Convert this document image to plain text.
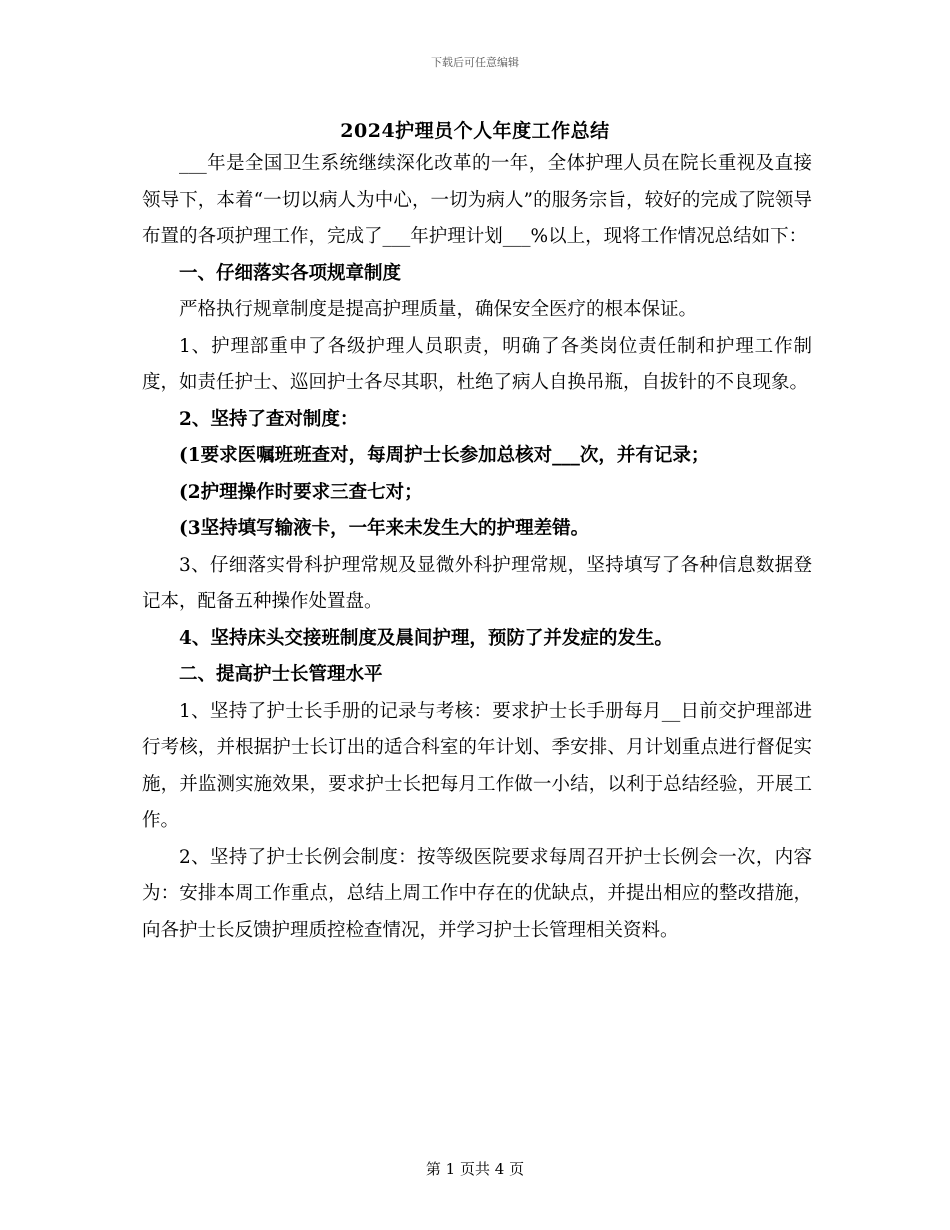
下载后可任意编辑
2024护理员个人年度工作总结

___年是全国卫生系统继续深化改革的一年，全体护理人员在院长重视及直接领导下，本着“一切以病人为中心，一切为病人”的服务宗旨，较好的完成了院领导布置的各项护理工作，完成了___年护理计划___%以上，现将工作情况总结如下：

一、仔细落实各项规章制度

严格执行规章制度是提高护理质量，确保安全医疗的根本保证。

1、护理部重申了各级护理人员职责，明确了各类岗位责任制和护理工作制度，如责任护士、巡回护士各尽其职，杜绝了病人自换吊瓶，自拔针的不良现象。

2、坚持了查对制度：

(1要求医嘱班班查对，每周护士长参加总核对___次，并有记录；

(2护理操作时要求三查七对；

(3坚持填写输液卡，一年来未发生大的护理差错。

3、仔细落实骨科护理常规及显微外科护理常规，坚持填写了各种信息数据登记本，配备五种操作处置盘。

4、坚持床头交接班制度及晨间护理，预防了并发症的发生。

二、提高护士长管理水平

1、坚持了护士长手册的记录与考核：要求护士长手册每月__日前交护理部进行考核，并根据护士长订出的适合科室的年计划、季安排、月计划重点进行督促实施，并监测实施效果，要求护士长把每月工作做一小结，以利于总结经验，开展工作。

2、坚持了护士长例会制度：按等级医院要求每周召开护士长例会一次，内容为：安排本周工作重点，总结上周工作中存在的优缺点，并提出相应的整改措施，向各护士长反馈护理质控检查情况，并学习护士长管理相关资料。

第 1 页共 4 页
